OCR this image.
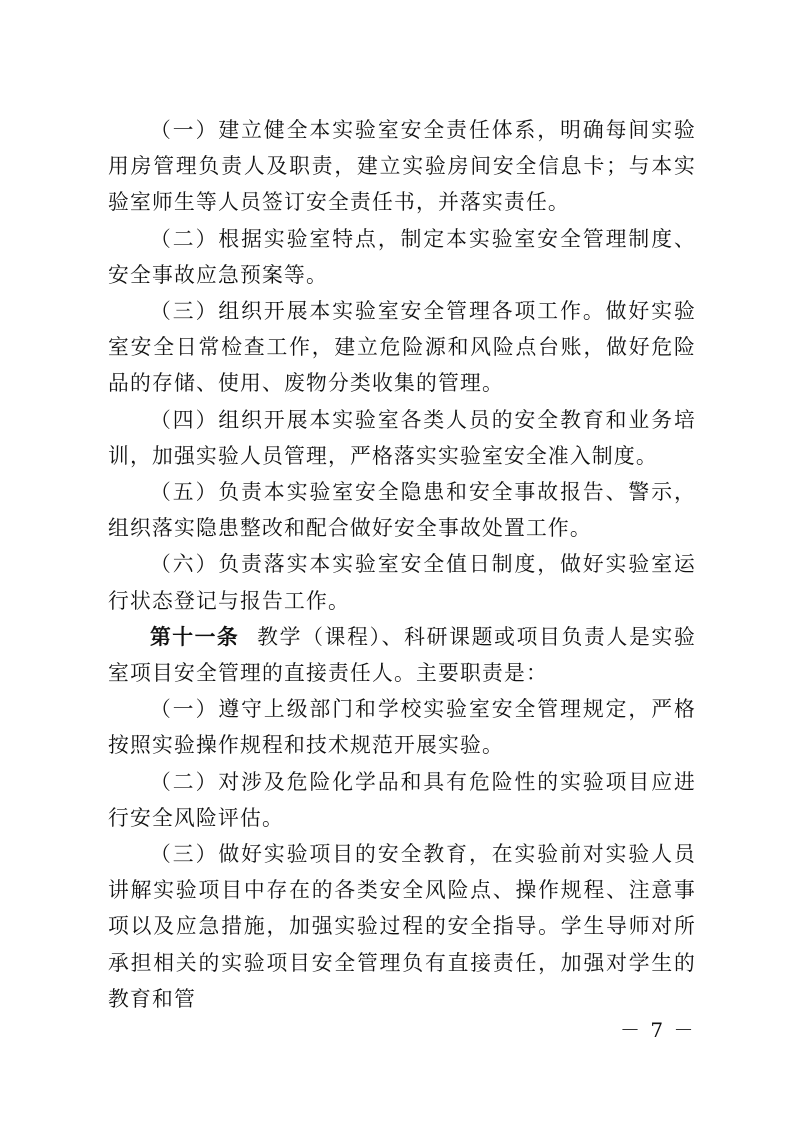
（一）建立健全本实验室安全责任体系，明确每间实验用房管理负责人及职责，建立实验房间安全信息卡；与本实验室师生等人员签订安全责任书，并落实责任。

（二）根据实验室特点，制定本实验室安全管理制度、安全事故应急预案等。

（三）组织开展本实验室安全管理各项工作。做好实验室安全日常检查工作，建立危险源和风险点台账，做好危险品的存储、使用、废物分类收集的管理。

（四）组织开展本实验室各类人员的安全教育和业务培训，加强实验人员管理，严格落实实验室安全准入制度。

（五）负责本实验室安全隐患和安全事故报告、警示，组织落实隐患整改和配合做好安全事故处置工作。

（六）负责落实本实验室安全值日制度，做好实验室运行状态登记与报告工作。

第十一条 教学（课程）、科研课题或项目负责人是实验室项目安全管理的直接责任人。主要职责是：

（一）遵守上级部门和学校实验室安全管理规定，严格按照实验操作规程和技术规范开展实验。

（二）对涉及危险化学品和具有危险性的实验项目应进行安全风险评估。

（三）做好实验项目的安全教育，在实验前对实验人员讲解实验项目中存在的各类安全风险点、操作规程、注意事项以及应急措施，加强实验过程的安全指导。学生导师对所承担相关的实验项目安全管理负有直接责任，加强对学生的教育和管

－ 7 －
